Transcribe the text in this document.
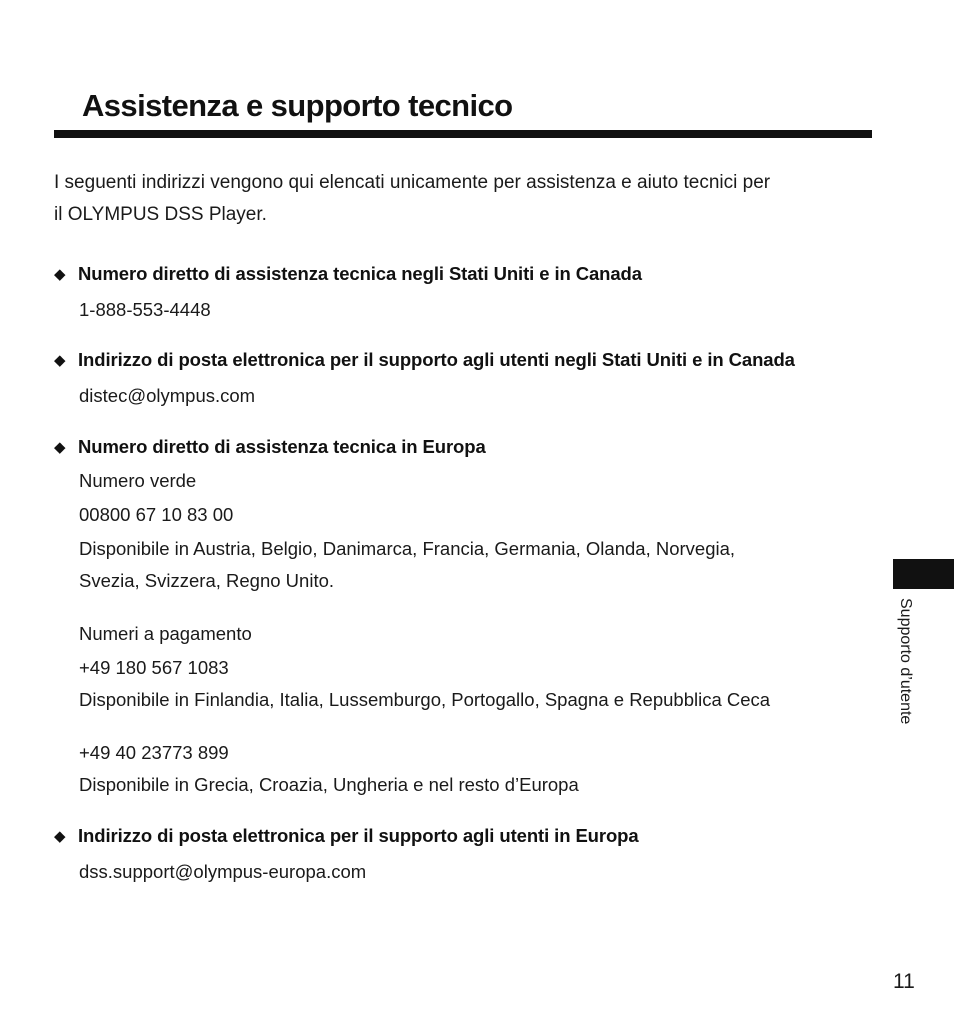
Assistenza e supporto tecnico

I seguenti indirizzi vengono qui elencati unicamente per assistenza e aiuto tecnici per
il OLYMPUS DSS Player.

◆ Numero diretto di assistenza tecnica negli Stati Uniti e in Canada
1-888-553-4448
◆ Indirizzo di posta elettronica per il supporto agli utenti negli Stati Uniti e in Canada
distec@olympus.com
◆ Numero diretto di assistenza tecnica in Europa
Numero verde
00800 67 10 83 00
Disponibile in Austria, Belgio, Danimarca, Francia, Germania, Olanda, Norvegia,
Svezia, Svizzera, Regno Unito.
Numeri a pagamento
+49 180 567 1083
Disponibile in Finlandia, Italia, Lussemburgo, Portogallo, Spagna e Repubblica Ceca
+49 40 23773 899
Disponibile in Grecia, Croazia, Ungheria e nel resto d’Europa
◆ Indirizzo di posta elettronica per il supporto agli utenti in Europa
dss.support@olympus-europa.com
Supporto d’utente
11
